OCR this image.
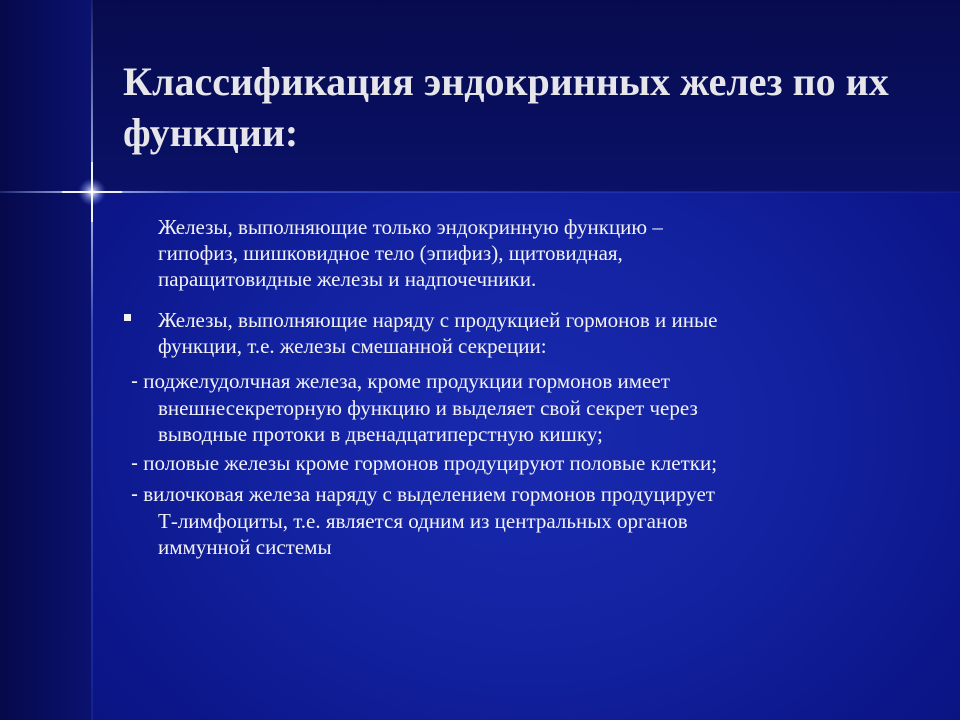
Классификация эндокринных желез по их функции:

Железы, выполняющие только эндокринную функцию –
гипофиз, шишковидное тело (эпифиз), щитовидная,
паращитовидные железы и надпочечники.

Железы, выполняющие наряду с продукцией гормонов и иные
функции, т.е. железы смешанной секреции:

- поджелудолчная железа, кроме продукции гормонов имеет
внешнесекреторную функцию и выделяет свой секрет через
выводные протоки в двенадцатиперстную кишку;
- половые железы кроме гормонов продуцируют половые клетки;
- вилочковая железа наряду с выделением гормонов продуцирует
Т-лимфоциты, т.е. является одним из центральных органов
иммунной системы
